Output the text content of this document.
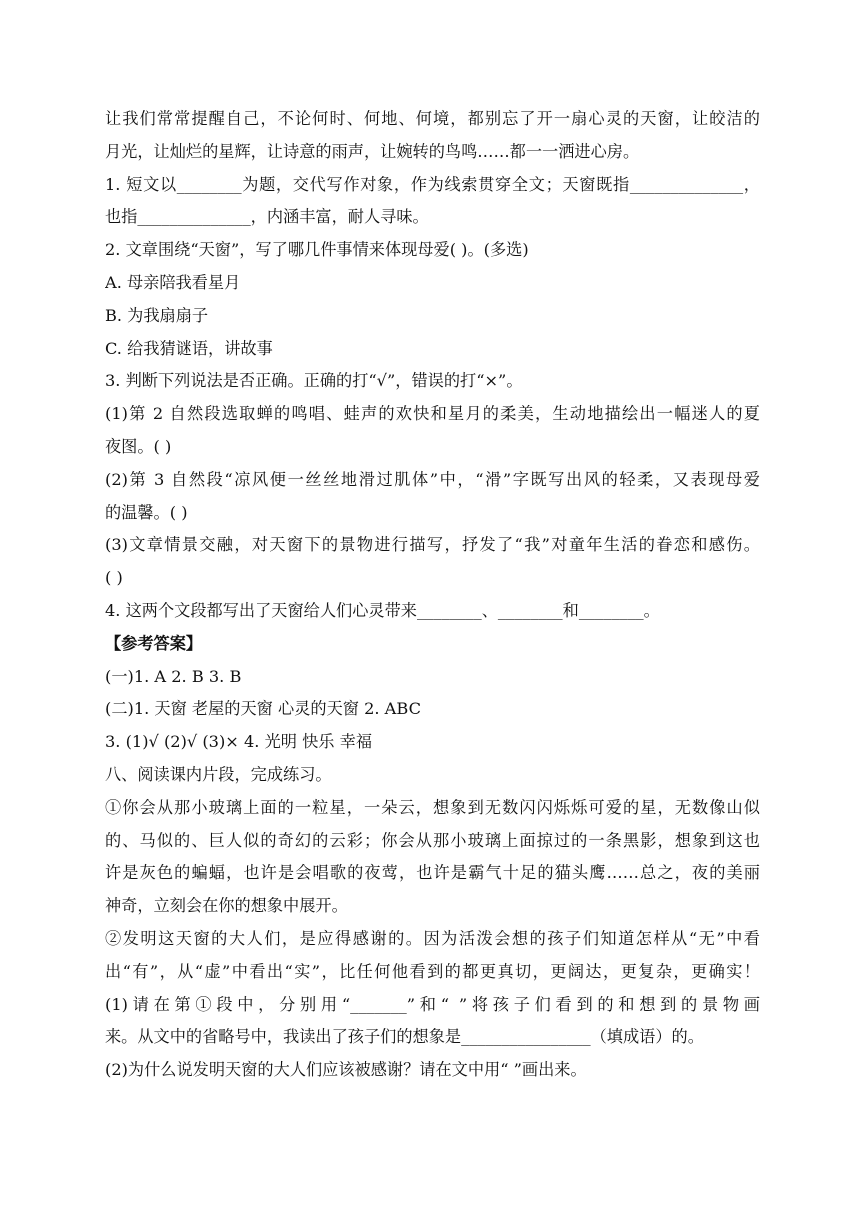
让我们常常提醒自己，不论何时、何地、何境，都别忘了开一扇心灵的天窗，让皎洁的

月光，让灿烂的星辉，让诗意的雨声，让婉转的鸟鸣……都一一洒进心房。

1. 短文以________为题，交代写作对象，作为线索贯穿全文；天窗既指______________，

也指______________，内涵丰富，耐人寻味。

2. 文章围绕“天窗”，写了哪几件事情来体现母爱( )。(多选)

A. 母亲陪我看星月

B. 为我扇扇子

C. 给我猜谜语，讲故事

3. 判断下列说法是否正确。正确的打“√”，错误的打“×”。

(1)第 2 自然段选取蝉的鸣唱、蛙声的欢快和星月的柔美，生动地描绘出一幅迷人的夏

夜图。( )

(2)第 3 自然段“凉风便一丝丝地滑过肌体”中，“滑”字既写出风的轻柔，又表现母爱

的温馨。( )

(3)文章情景交融，对天窗下的景物进行描写，抒发了“我”对童年生活的眷恋和感伤。

( )

4. 这两个文段都写出了天窗给人们心灵带来________、________和________。

【参考答案】

(一)1. A 2. B 3. B

(二)1. 天窗 老屋的天窗 心灵的天窗 2. ABC

3. (1)√ (2)√ (3)× 4. 光明 快乐 幸福

八、阅读课内片段，完成练习。

①你会从那小玻璃上面的一粒星，一朵云，想象到无数闪闪烁烁可爱的星，无数像山似

的、马似的、巨人似的奇幻的云彩；你会从那小玻璃上面掠过的一条黑影，想象到这也

许是灰色的蝙蝠，也许是会唱歌的夜莺，也许是霸气十足的猫头鹰……总之，夜的美丽

神奇，立刻会在你的想象中展开。

②发明这天窗的大人们，是应得感谢的。因为活泼会想的孩子们知道怎样从“无”中看

出“有”，从“虚”中看出“实”，比任何他看到的都更真切，更阔达，更复杂，更确实！

(1)请在第①段中，分别用“_______”和“ ”将孩子们看到的和想到的景物画

来。从文中的省略号中，我读出了孩子们的想象是________________（填成语）的。

(2)为什么说发明天窗的大人们应该被感谢？请在文中用“ ”画出来。
